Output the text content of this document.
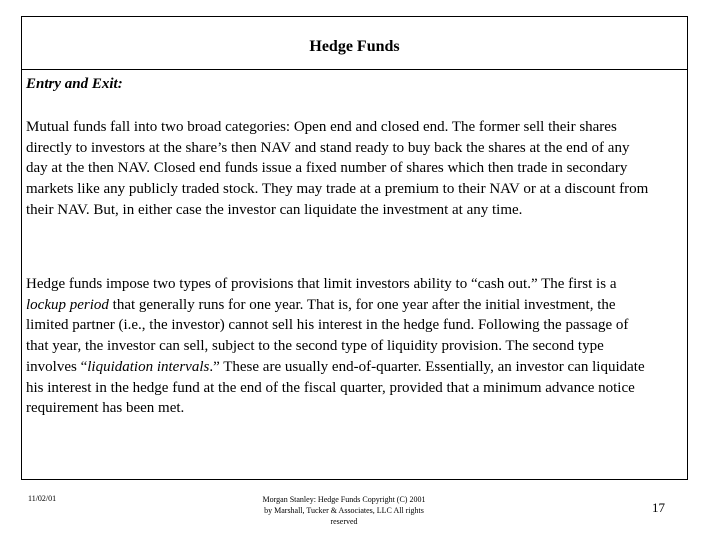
Hedge Funds
Entry and Exit:

Mutual funds fall into two broad categories: Open end and closed end. The former sell their shares directly to investors at the share’s then NAV and stand ready to buy back the shares at the end of any day at the then NAV. Closed end funds issue a fixed number of shares which then trade in secondary markets like any publicly traded stock. They may trade at a premium to their NAV or at a discount from their NAV. But, in either case the investor can liquidate the investment at any time.

Hedge funds impose two types of provisions that limit investors ability to “cash out.” The first is a lockup period that generally runs for one year. That is, for one year after the initial investment, the limited partner (i.e., the investor) cannot sell his interest in the hedge fund. Following the passage of that year, the investor can sell, subject to the second type of liquidity provision. The second type involves “liquidation intervals.” These are usually end-of-quarter. Essentially, an investor can liquidate his interest in the hedge fund at the end of the fiscal quarter, provided that a minimum advance notice requirement has been met.

11/02/01	Morgan Stanley: Hedge Funds Copyright (C) 2001
by Marshall, Tucker & Associates, LLC All rights
reserved
17
